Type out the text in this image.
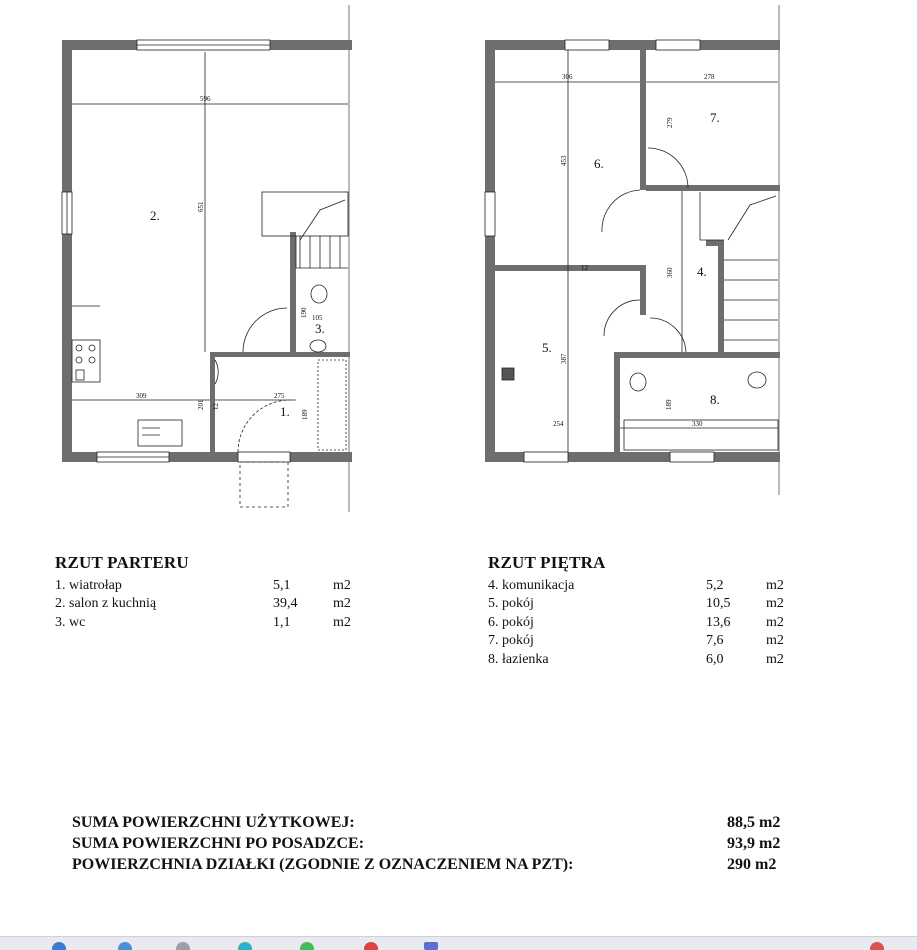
2.
3.
1.
596
651
309	275
201
189
190 105
12
6.
7.
4.
5.
8.
306	278
279
453
360
387
254
189
330
12
RZUT PARTERU
1. wiatrołap	5,1	m2
2. salon z kuchnią	39,4	m2
3. wc	1,1	m2
RZUT PIĘTRA
4. komunikacja	5,2	m2
5. pokój	10,5	m2
6. pokój	13,6	m2
7. pokój	7,6	m2
8. łazienka	6,0	m2
SUMA POWIERZCHNI UŻYTKOWEJ:	88,5 m2
SUMA POWIERZCHNI PO POSADZCE:	93,9 m2
POWIERZCHNIA DZIAŁKI (ZGODNIE Z OZNACZENIEM NA PZT):	290 m2
